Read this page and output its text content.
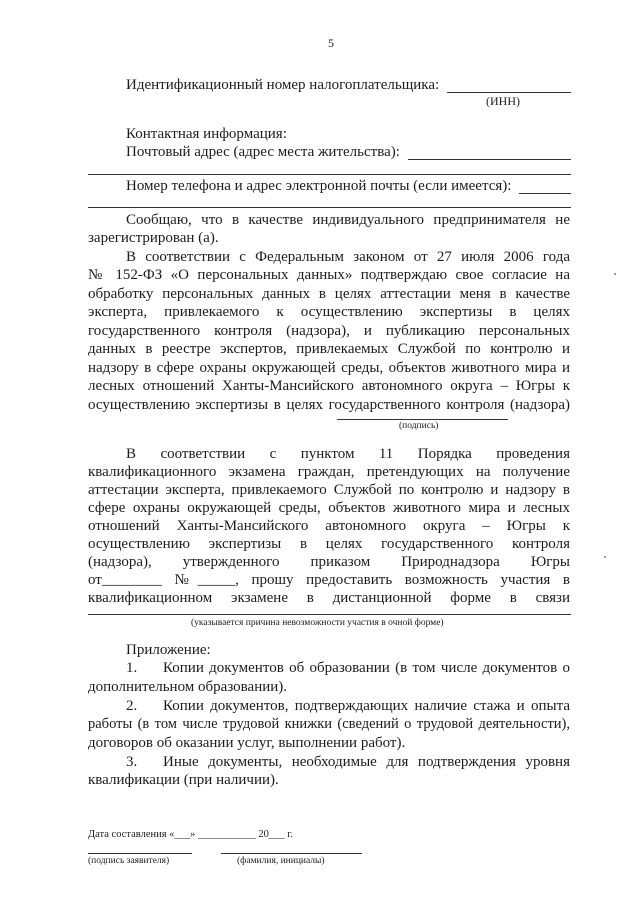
5
Идентификационный номер налогоплательщика:
(ИНН)
Контактная информация:
Почтовый адрес (адрес места жительства):
Номер телефона и адрес электронной почты (если имеется):
Сообщаю, что в качестве индивидуального предпринимателя не
зарегистрирован (а).
В соответствии с Федеральным законом от 27 июля 2006 года
№ 152-ФЗ «О персональных данных» подтверждаю свое согласие на
обработку персональных данных в целях аттестации меня в качестве
эксперта, привлекаемого к осуществлению экспертизы в целях
государственного контроля (надзора), и публикацию персональных
данных в реестре экспертов, привлекаемых Службой по контролю и
надзору в сфере охраны окружающей среды, объектов животного мира и
лесных отношений Ханты-Мансийского автономного округа – Югры к
осуществлению экспертизы в целях государственного контроля (надзора)
(подпись)
В соответствии с пунктом 11 Порядка проведения
квалификационного экзамена граждан, претендующих на получение
аттестации эксперта, привлекаемого Службой по контролю и надзору в
сфере охраны окружающей среды, объектов животного мира и лесных
отношений Ханты-Мансийского автономного округа – Югры к
осуществлению экспертизы в целях государственного контроля
(надзора), утвержденного приказом Природнадзора Югры
от________ №_____, прошу предоставить возможность участия в
квалификационном экзамене в дистанционной форме в связи
(указывается причина невозможности участия в очной форме)
Приложение:
1. Копии документов об образовании (в том числе документов о
дополнительном образовании).
2. Копии документов, подтверждающих наличие стажа и опыта
работы (в том числе трудовой книжки (сведений о трудовой деятельности),
договоров об оказании услуг, выполнении работ).
3. Иные документы, необходимые для подтверждения уровня
квалификации (при наличии).
Дата составления «___» ___________ 20___ г.
(подпись заявителя)	(фамилия, инициалы)
